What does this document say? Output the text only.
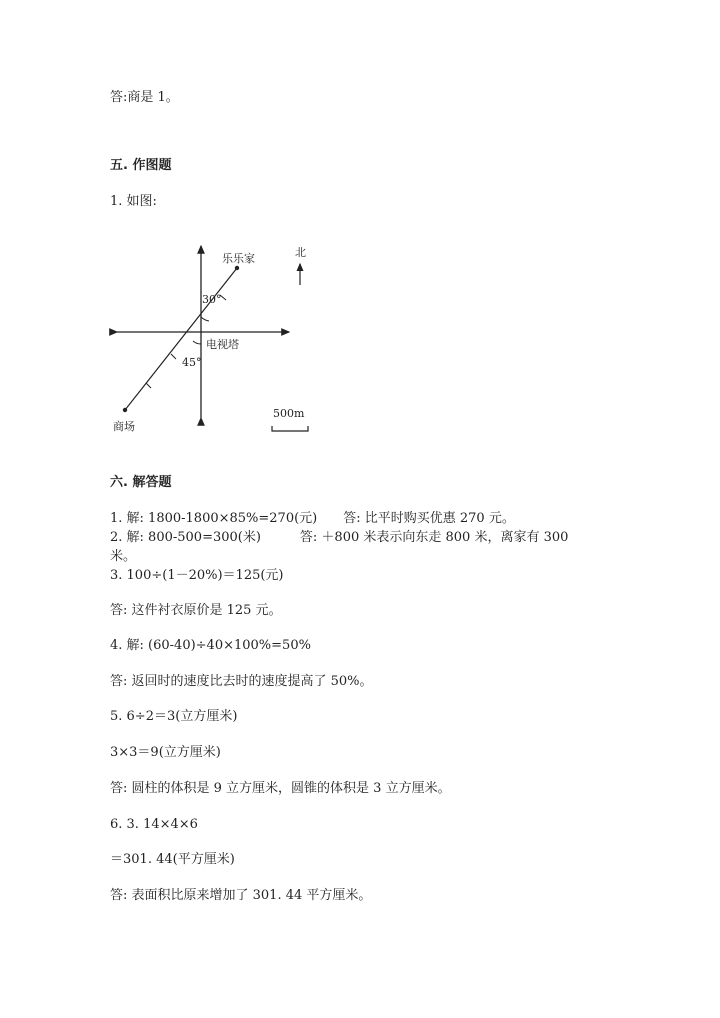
答:商是 1。
五. 作图题
1. 如图:
乐乐家	北
30°
电视塔
45°
商场
500m
六. 解答题
1. 解: 1800-1800×85%=270(元)　　答: 比平时购买优惠 270 元。
2. 解: 800-500=300(米)　　　答: ＋800 米表示向东走 800 米，离家有 300
米。
3. 100÷(1－20%)＝125(元)
答: 这件衬衣原价是 125 元。
4. 解: (60-40)÷40×100%=50%
答: 返回时的速度比去时的速度提高了 50%。
5. 6÷2＝3(立方厘米)
3×3＝9(立方厘米)
答: 圆柱的体积是 9 立方厘米，圆锥的体积是 3 立方厘米。
6. 3. 14×4×6
＝301. 44(平方厘米)
答: 表面积比原来增加了 301. 44 平方厘米。
